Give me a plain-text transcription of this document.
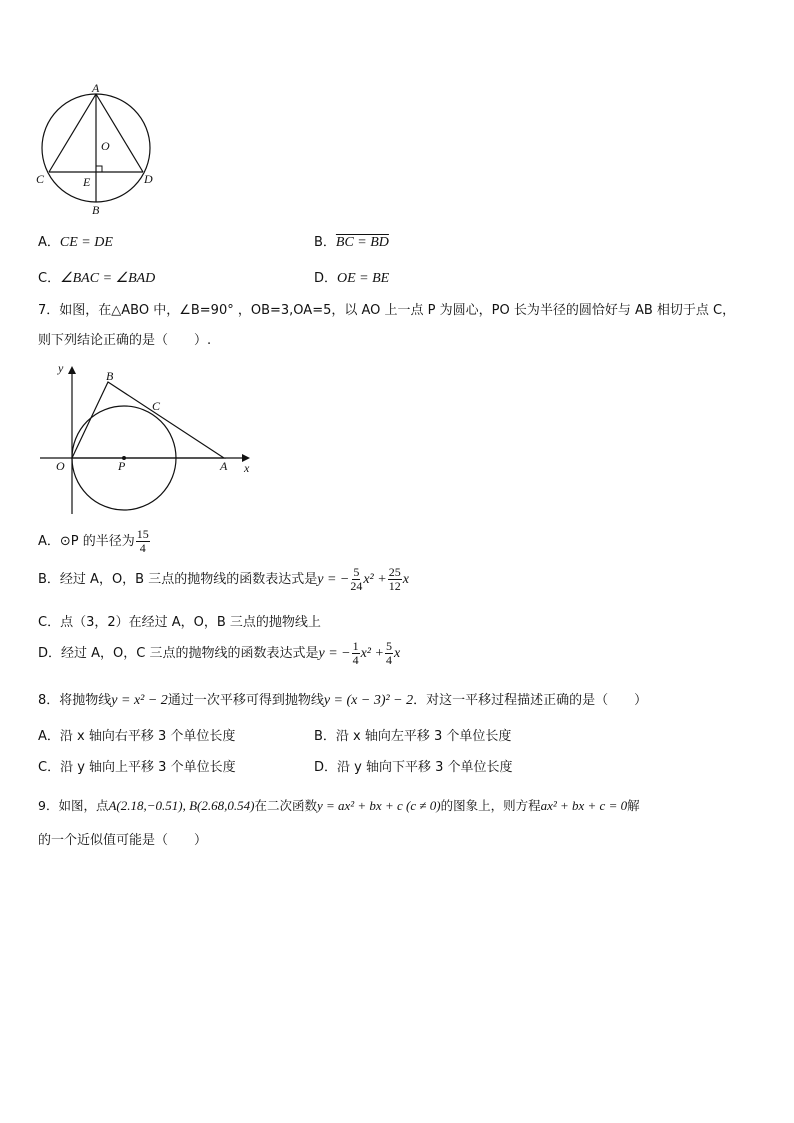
A
O
C	E	D
B
A．CE = DE	B．BC = BD
C．∠BAC = ∠BAD	D．OE = BE
7．如图，在△ABO 中，∠B=90° ，OB=3,OA=5，以 AO 上一点 P 为圆心，PO 长为半径的圆恰好与 AB 相切于点 C，
则下列结论正确的是（　　）.
y
B
C
O	P	A x
A．⊙P 的半径为 $\frac{15}{4}$
B．经过 A，O，B 三点的抛物线的函数表达式是y = − $\frac{5}{24} x^2 + \frac{25}{12}$ x
C．点（3，2）在经过 A，O，B 三点的抛物线上
D．经过 A，O，C 三点的抛物线的函数表达式是y = − $\frac{1}{4} x^2 + \frac{5}{4}$ x
8．将抛物线y = x² − 2通过一次平移可得到抛物线y = (x − 3)² − 2．对这一平移过程描述正确的是（　　）
A．沿 x 轴向右平移 3 个单位长度	B．沿 x 轴向左平移 3 个单位长度
C．沿 y 轴向上平移 3 个单位长度	D．沿 y 轴向下平移 3 个单位长度
9．如图，点A(2.18,−0.51), B(2.68,0.54)在二次函数y = ax² + bx + c (c ≠ 0)的图象上，则方程ax² + bx + c = 0解
的一个近似值可能是（　　）
